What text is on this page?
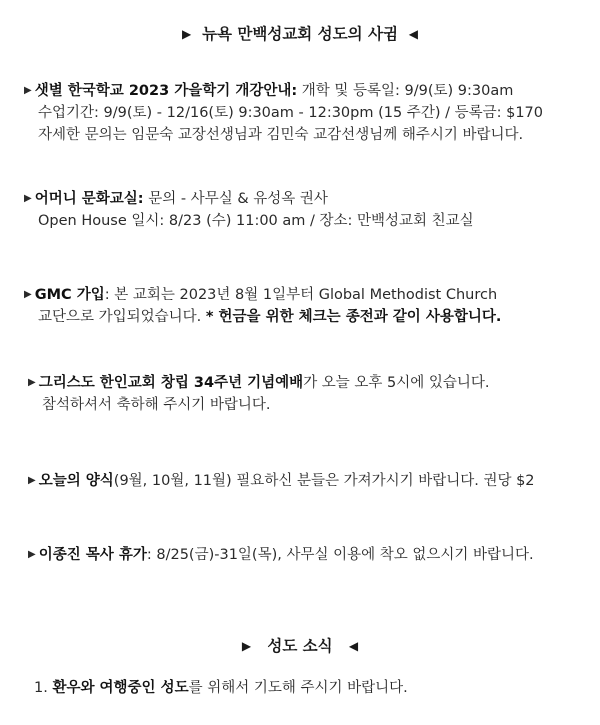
▶ 뉴욕 만백성교회 성도의 사귐 ◀
▶ 샛별 한국학교 2023 가을학기 개강안내: 개학 및 등록일: 9/9(토) 9:30am
수업기간: 9/9(토) - 12/16(토) 9:30am - 12:30pm (15 주간) / 등록금: $170
자세한 문의는 임문숙 교장선생님과 김민숙 교감선생님께 해주시기 바랍니다.
▶ 어머니 문화교실: 문의 - 사무실 & 유성옥 권사
Open House 일시: 8/23 (수) 11:00 am / 장소: 만백성교회 친교실
▶ GMC 가입: 본 교회는 2023년 8월 1일부터 Global Methodist Church
교단으로 가입되었습니다. * 헌금을 위한 체크는 종전과 같이 사용합니다.
▶ 그리스도 한인교회 창립 34주년 기념예배가 오늘 오후 5시에 있습니다.
참석하셔서 축하해 주시기 바랍니다.
▶ 오늘의 양식(9월, 10월, 11월) 필요하신 분들은 가져가시기 바랍니다. 권당 $2
▶ 이종진 목사 휴가: 8/25(금)-31일(목), 사무실 이용에 착오 없으시기 바랍니다.
▶ 성도 소식 ◀
1. 환우와 여행중인 성도를 위해서 기도해 주시기 바랍니다.
